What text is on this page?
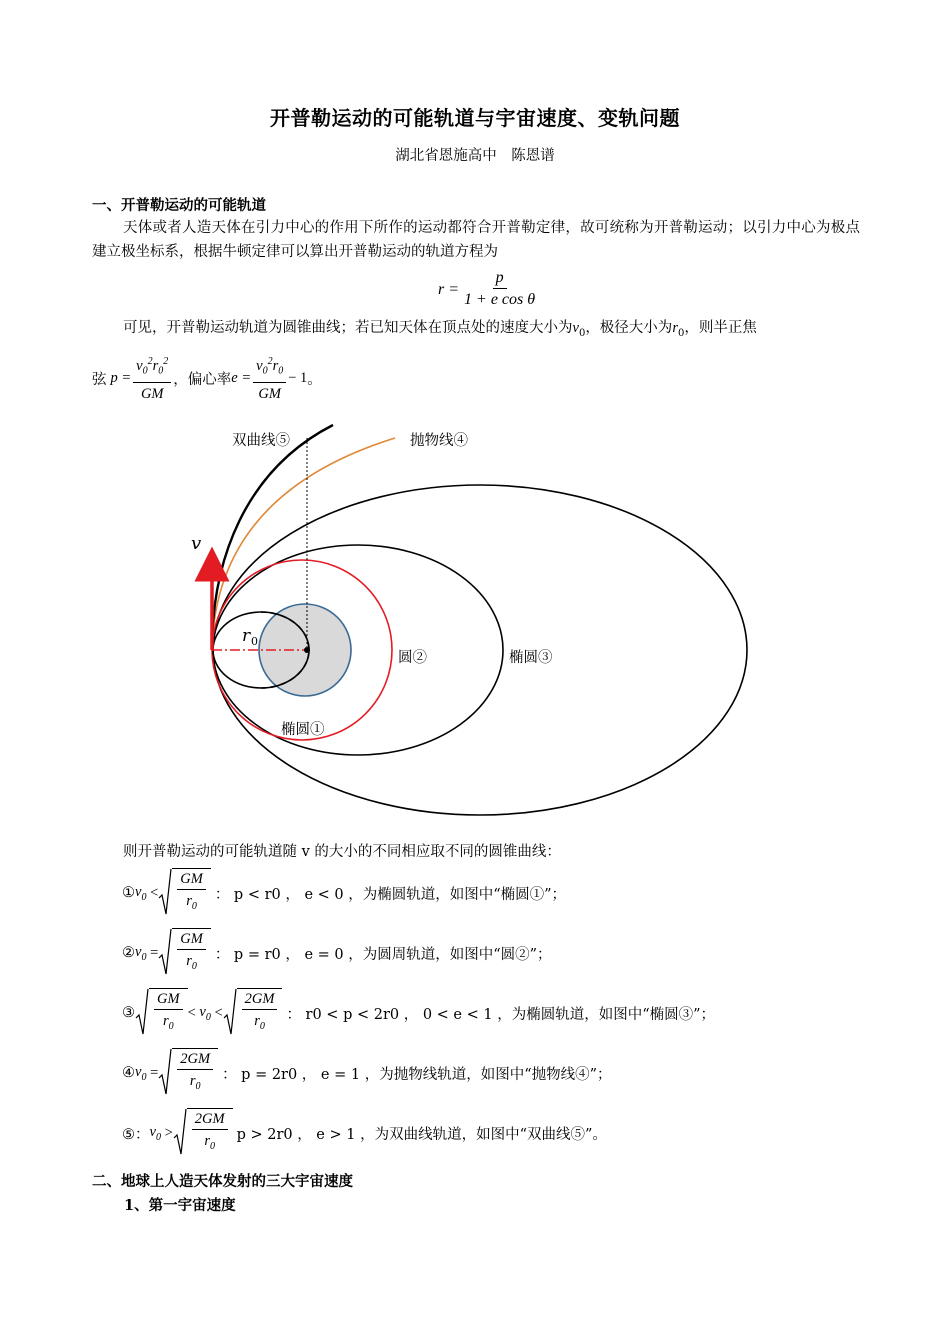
开普勒运动的可能轨道与宇宙速度、变轨问题
湖北省恩施高中　陈恩谱
一、开普勒运动的可能轨道
天体或者人造天体在引力中心的作用下所作的运动都符合开普勒定律，故可统称为开普勒运动；以引力中心为极点建立极坐标系，根据牛顿定律可以算出开普勒运动的轨道方程为
$r = \frac{p}{\text{1 + e cos θ}}$
可见，开普勒运动轨道为圆锥曲线；若已知天体在顶点处的速度大小为$v_0$，极径大小为$r_0$，则半正焦
弦 $p = \frac{v_0^2r_0^2}{GM}$ ，偏心率 $e = \frac{v_0^2r_0}{GM} - 1$ 。
双曲线⑤	抛物线④
v
r 0
圆②	椭圆③
椭圆①
则开普勒运动的可能轨道随 v 的大小的不同相应取不同的圆锥曲线：
① $v_0 < \frac{GM}{r_0}$ ： p < r0 ， e < 0 ，为椭圆轨道，如图中“椭圆①”；
② $v_0 = \frac{GM}{r_0}$ ： p = r0 ， e = 0 ，为圆周轨道，如图中“圆②”；
③ $\frac{GM}{r_0} < v_0 < \frac{2GM}{r_0}$ ： r0 < p < 2r0 ， 0 < e < 1 ，为椭圆轨道，如图中“椭圆③”；
④ $v_0 = \frac{2GM}{r_0}$ ： p = 2r0 ， e = 1 ，为抛物线轨道，如图中“抛物线④”；
⑤： $v_0 > \frac{2GM}{r_0}$ p > 2r0 ， e > 1 ，为双曲线轨道，如图中“双曲线⑤”。
二、地球上人造天体发射的三大宇宙速度
1、第一宇宙速度
